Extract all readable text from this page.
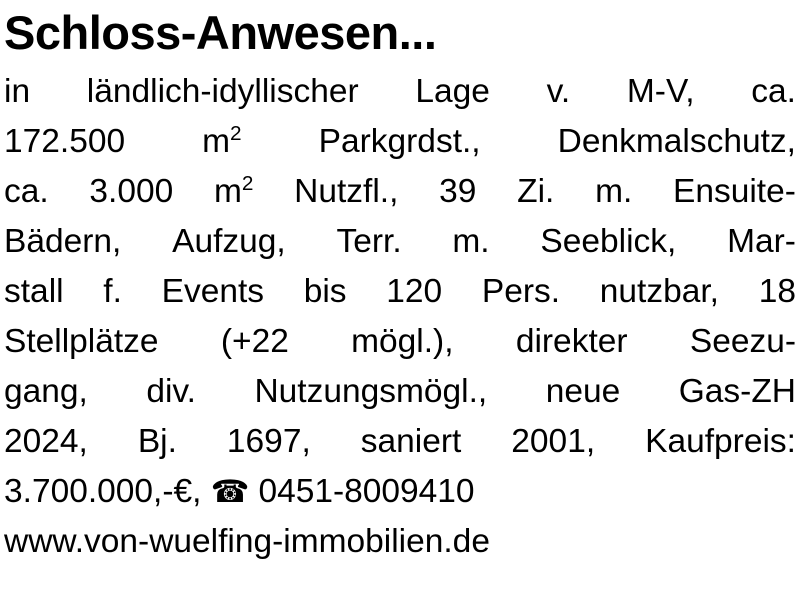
Schloss-Anwesen...
in ländlich-idyllischer Lage v. M-V, ca.
172.500 $m^2$ Parkgrdst., Denkmalschutz,
ca. 3.000 $m^2$ Nutzfl., 39 Zi. m. Ensuite-
Bädern, Aufzug, Terr. m. Seeblick, Mar-
stall f. Events bis 120 Pers. nutzbar, 18
Stellplätze (+22 mögl.), direkter Seezu-
gang, div. Nutzungsmögl., neue Gas-ZH
2024, Bj. 1697, saniert 2001, Kaufpreis:
3.700.000,-€, ☎ 0451-8009410
www.von-wuelfing-immobilien.de
